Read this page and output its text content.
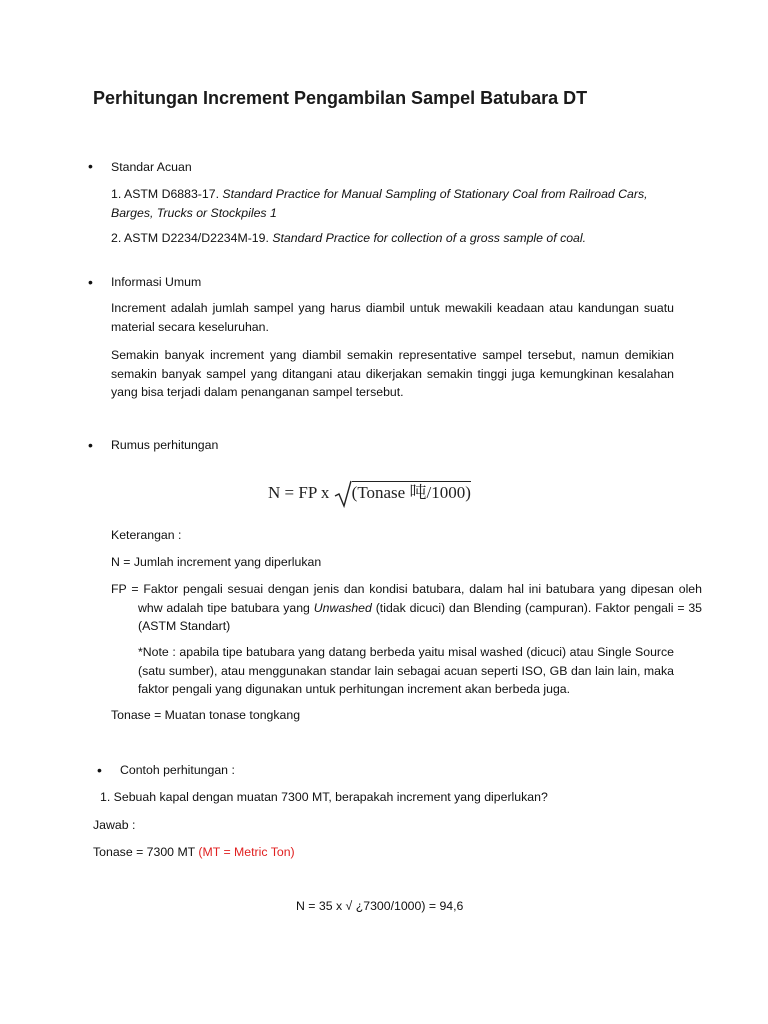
Perhitungan Increment Pengambilan Sampel Batubara DT
• Standar Acuan
1. ASTM D6883-17. Standard Practice for Manual Sampling of Stationary Coal from Railroad Cars, Barges, Trucks or Stockpiles 1
2. ASTM D2234/D2234M-19. Standard Practice for collection of a gross sample of coal.
• Informasi Umum
Increment adalah jumlah sampel yang harus diambil untuk mewakili keadaan atau kandungan suatu material secara keseluruhan.
Semakin banyak increment yang diambil semakin representative sampel tersebut, namun demikian semakin banyak sampel yang ditangani atau dikerjakan semakin tinggi juga kemungkinan kesalahan yang bisa terjadi dalam penanganan sampel tersebut.
• Rumus perhitungan
N = FP x (Tonase 吨/1000)
Keterangan :
N = Jumlah increment yang diperlukan
FP = Faktor pengali sesuai dengan jenis dan kondisi batubara, dalam hal ini batubara yang dipesan oleh whw adalah tipe batubara yang Unwashed (tidak dicuci) dan Blending (campuran). Faktor pengali = 35 (ASTM Standart)
*Note : apabila tipe batubara yang datang berbeda yaitu misal washed (dicuci) atau Single Source (satu sumber), atau menggunakan standar lain sebagai acuan seperti ISO, GB dan lain lain, maka faktor pengali yang digunakan untuk perhitungan increment akan berbeda juga.
Tonase = Muatan tonase tongkang
• Contoh perhitungan :
1. Sebuah kapal dengan muatan 7300 MT, berapakah increment yang diperlukan?
Jawab :
Tonase = 7300 MT (MT = Metric Ton)
N = 35 x √ ¿7300/1000) = 94,6
